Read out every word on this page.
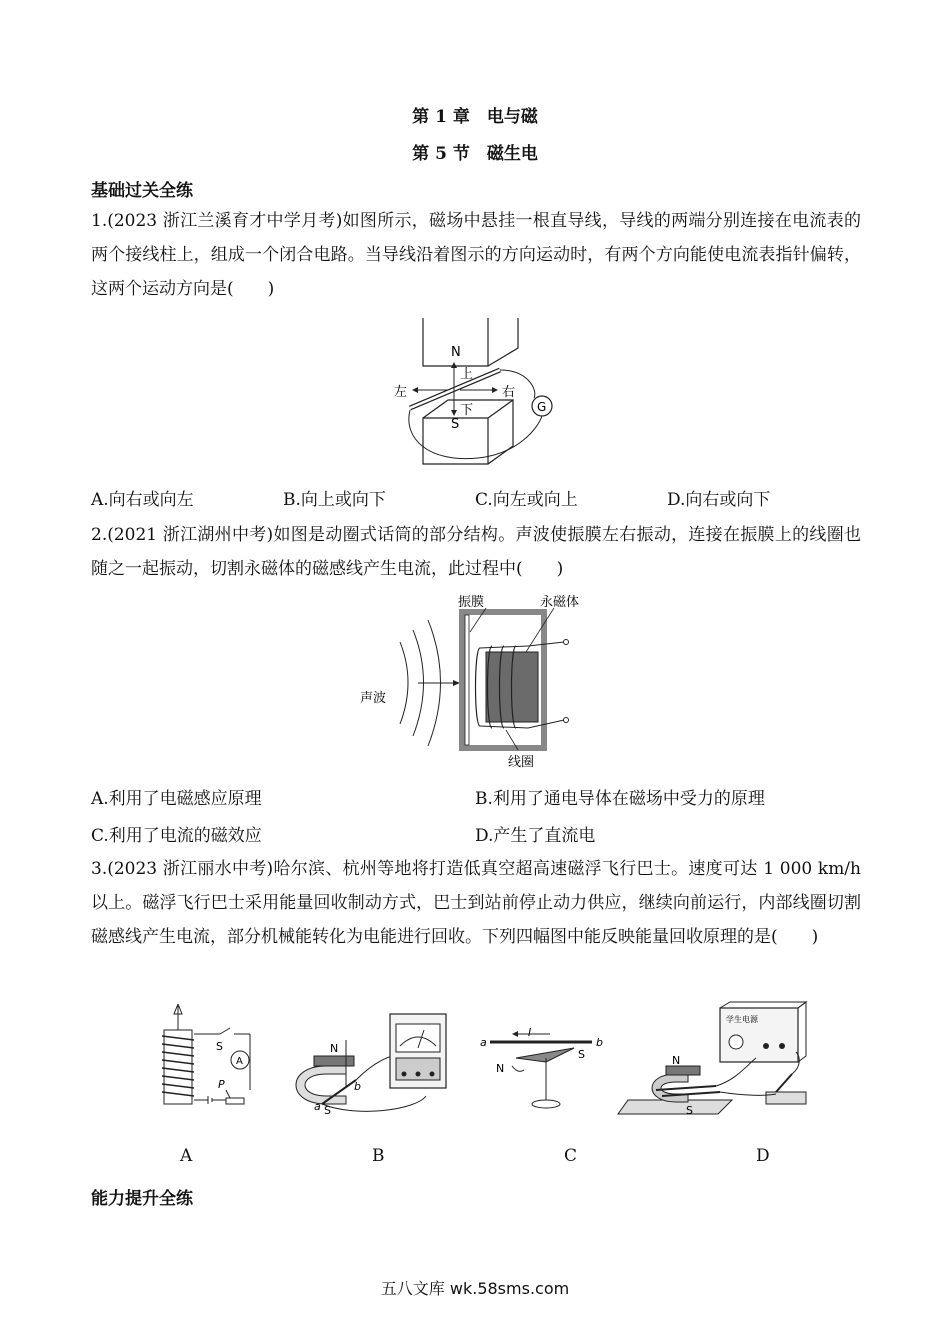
第 1 章　电与磁
第 5 节　磁生电
基础过关全练
1.(2023 浙江兰溪育才中学月考)如图所示，磁场中悬挂一根直导线，导线的两端分别连接在电流表的两个接线柱上，组成一个闭合电路。当导线沿着图示的方向运动时，有两个方向能使电流表指针偏转，这两个运动方向是(　　)
N
S
上
下
左	右
G
A.向右或向左	B.向上或向下	C.向左或向上	D.向右或向下
2.(2021 浙江湖州中考)如图是动圈式话筒的部分结构。声波使振膜左右振动，连接在振膜上的线圈也随之一起振动，切割永磁体的磁感线产生电流，此过程中(　　)
振膜	永磁体
声波
线圈
A.利用了电磁感应原理	B.利用了通电导体在磁场中受力的原理
C.利用了电流的磁效应	D.产生了直流电
3.(2023 浙江丽水中考)哈尔滨、杭州等地将打造低真空超高速磁浮飞行巴士。速度可达 1 000 km/h 以上。磁浮飞行巴士采用能量回收制动方式，巴士到站前停止动力供应，继续向前运行，内部线圈切割磁感线产生电流，部分机械能转化为电能进行回收。下列四幅图中能反映能量回收原理的是(　　)
S
A
P
N
S
a
b
a	b
I
N
S
学生电源
N
S
A	B	C	D
能力提升全练
五八文库 wk.58sms.com
